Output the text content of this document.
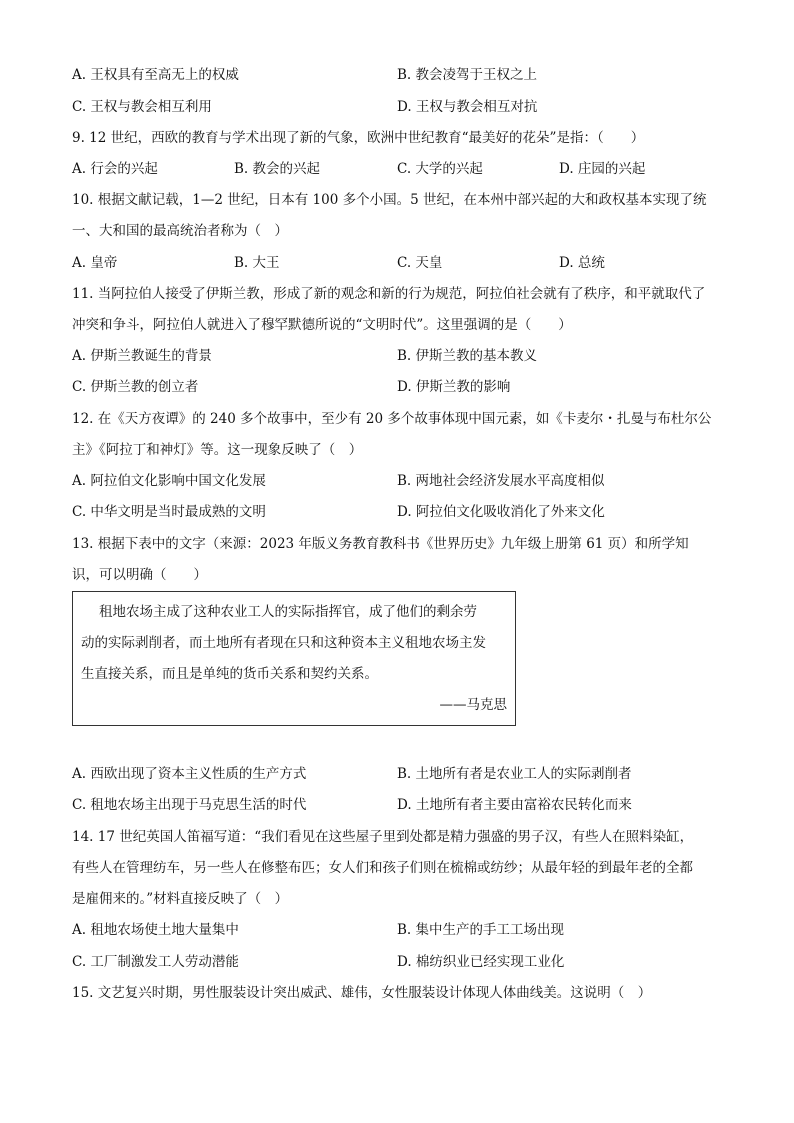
A. 王权具有至高无上的权威	B. 教会凌驾于王权之上
C. 王权与教会相互利用	D. 王权与教会相互对抗
9. 12 世纪，西欧的教育与学术出现了新的气象，欧洲中世纪教育“最美好的花朵”是指：（　　）
A. 行会的兴起	B. 教会的兴起	C. 大学的兴起	D. 庄园的兴起
10. 根据文献记载，1—2 世纪，日本有 100 多个小国。5 世纪，在本州中部兴起的大和政权基本实现了统
一、大和国的最高统治者称为（　）
A. 皇帝	B. 大王	C. 天皇	D. 总统
11. 当阿拉伯人接受了伊斯兰教，形成了新的观念和新的行为规范，阿拉伯社会就有了秩序，和平就取代了
冲突和争斗，阿拉伯人就进入了穆罕默德所说的“文明时代”。这里强调的是（　　）
A. 伊斯兰教诞生的背景	B. 伊斯兰教的基本教义
C. 伊斯兰教的创立者	D. 伊斯兰教的影响
12. 在《天方夜谭》的 240 多个故事中，至少有 20 多个故事体现中国元素，如《卡麦尔・扎曼与布杜尔公
主》《阿拉丁和神灯》等。这一现象反映了（　）
A. 阿拉伯文化影响中国文化发展	B. 两地社会经济发展水平高度相似
C. 中华文明是当时最成熟的文明	D. 阿拉伯文化吸收消化了外来文化
13. 根据下表中的文字（来源：2023 年版义务教育教科书《世界历史》九年级上册第 61 页）和所学知
识，可以明确（　　）
租地农场主成了这种农业工人的实际指挥官，成了他们的剩余劳
动的实际剥削者，而土地所有者现在只和这种资本主义租地农场主发
生直接关系，而且是单纯的货币关系和契约关系。
——马克思
A. 西欧出现了资本主义性质的生产方式	B. 土地所有者是农业工人的实际剥削者
C. 租地农场主出现于马克思生活的时代	D. 土地所有者主要由富裕农民转化而来
14. 17 世纪英国人笛福写道：“我们看见在这些屋子里到处都是精力强盛的男子汉，有些人在照料染缸，
有些人在管理纺车，另一些人在修整布匹；女人们和孩子们则在梳棉或纺纱；从最年轻的到最年老的全都
是雇佣来的。”材料直接反映了（　）
A. 租地农场使土地大量集中	B. 集中生产的手工工场出现
C. 工厂制激发工人劳动潜能	D. 棉纺织业已经实现工业化
15. 文艺复兴时期，男性服装设计突出威武、雄伟，女性服装设计体现人体曲线美。这说明（　）
